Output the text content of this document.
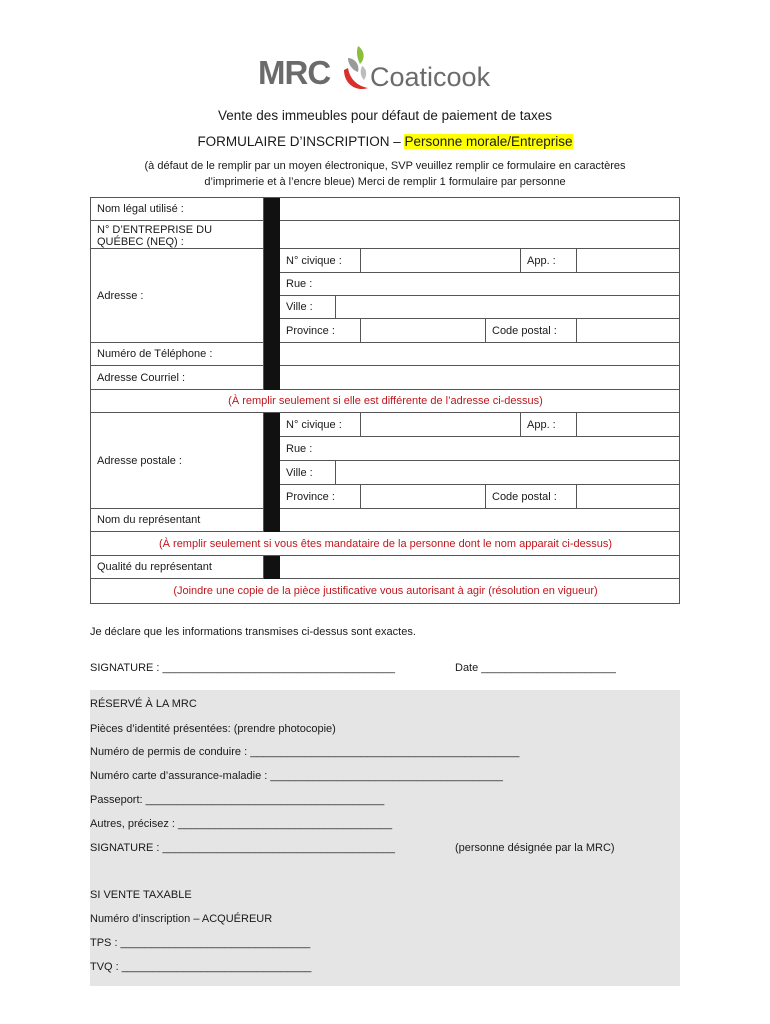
MRC Coaticook
Vente des immeubles pour défaut de paiement de taxes
FORMULAIRE D’INSCRIPTION – Personne morale/Entreprise
(à défaut de le remplir par un moyen électronique, SVP veuillez remplir ce formulaire en caractères
d’imprimerie et à l’encre bleue) Merci de remplir 1 formulaire par personne
Nom légal utilisé :
N° D’ENTREPRISE DU
QUÉBEC (NEQ) :
Adresse :
N° civique :	App. :
Rue :
Ville :
Province :	Code postal :
Numéro de Téléphone :
Adresse Courriel :
(À remplir seulement si elle est différente de l’adresse ci-dessus)
Adresse postale :
N° civique :	App. :
Rue :
Ville :
Province :	Code postal :
Nom du représentant
(À remplir seulement si vous êtes mandataire de la personne dont le nom apparait ci-dessus)
Qualité du représentant
(Joindre une copie de la pièce justificative vous autorisant à agir (résolution en vigueur)
Je déclare que les informations transmises ci-dessus sont exactes.
SIGNATURE : ______________________________________	Date ______________________
RÉSERVÉ À LA MRC
Pièces d’identité présentées: (prendre photocopie)
Numéro de permis de conduire : ____________________________________________
Numéro carte d’assurance-maladie : ______________________________________
Passeport: _______________________________________
Autres, précisez : ___________________________________
SIGNATURE : ______________________________________	(personne désignée par la MRC)
SI VENTE TAXABLE
Numéro d’inscription – ACQUÉREUR
TPS : _______________________________
TVQ : _______________________________
